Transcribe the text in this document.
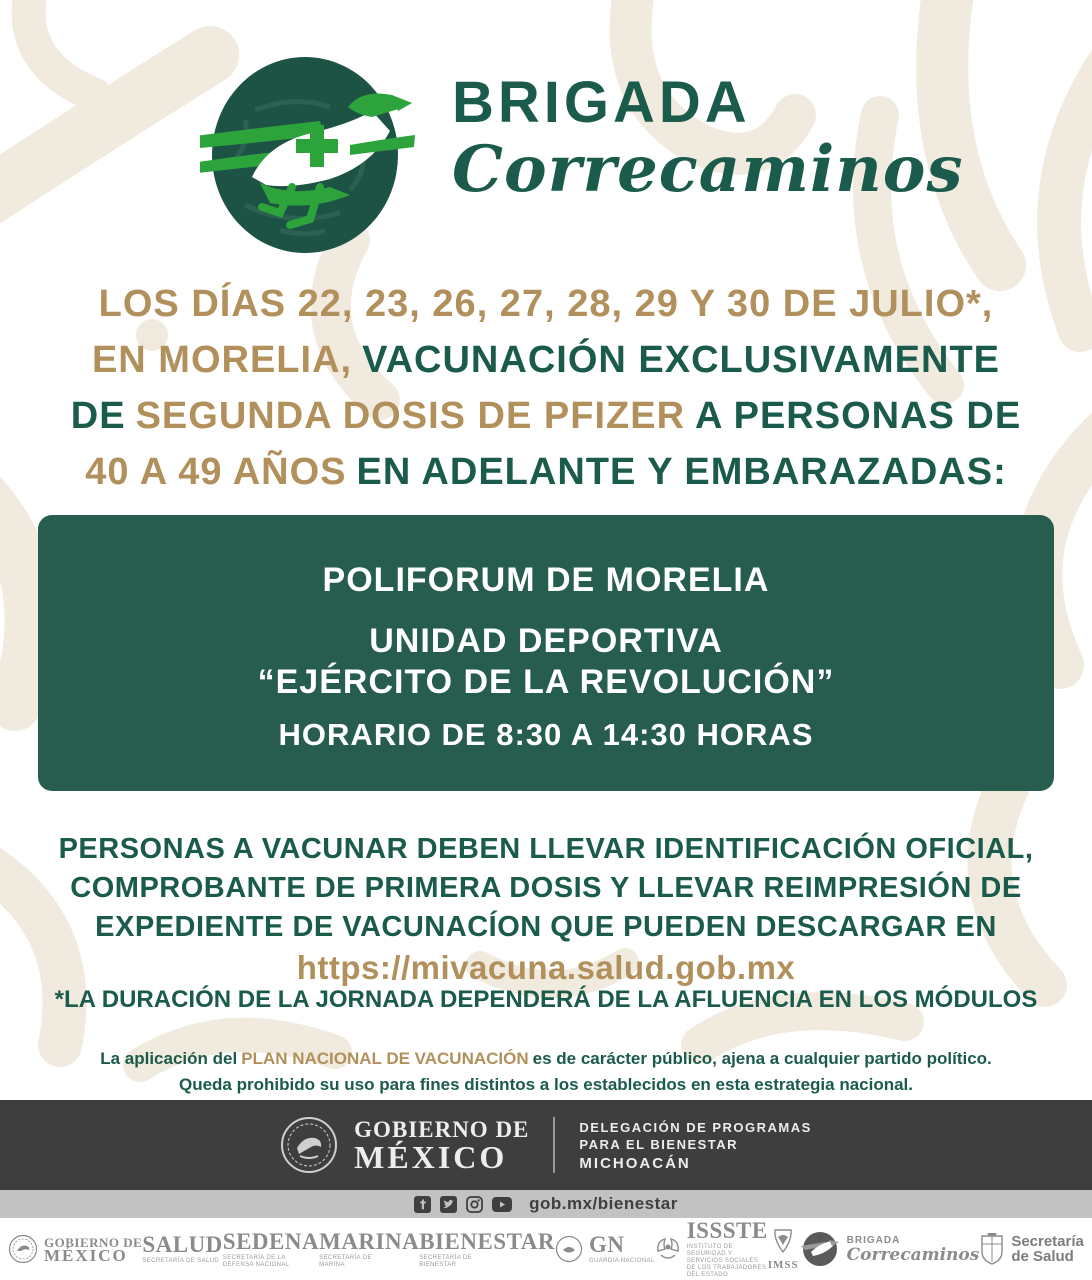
BRIGADA
Correcaminos
LOS DÍAS 22, 23, 26, 27, 28, 29 Y 30 DE JULIO*,
EN MORELIA, VACUNACIÓN EXCLUSIVAMENTE
DE SEGUNDA DOSIS DE PFIZER A PERSONAS DE
40 A 49 AÑOS EN ADELANTE Y EMBARAZADAS:
POLIFORUM DE MORELIA
UNIDAD DEPORTIVA
“EJÉRCITO DE LA REVOLUCIÓN”
HORARIO DE 8:30 A 14:30 HORAS
PERSONAS A VACUNAR DEBEN LLEVAR IDENTIFICACIÓN OFICIAL,
COMPROBANTE DE PRIMERA DOSIS Y LLEVAR REIMPRESIÓN DE
EXPEDIENTE DE VACUNACÍON QUE PUEDEN DESCARGAR EN
https://mivacuna.salud.gob.mx
*LA DURACIÓN DE LA JORNADA DEPENDERÁ DE LA AFLUENCIA EN LOS MÓDULOS
La aplicación del PLAN NACIONAL DE VACUNACIÓN es de carácter público, ajena a cualquier partido político.
Queda prohibido su uso para fines distintos a los establecidos en esta estrategia nacional.
GOBIERNO DE
MÉXICO
DELEGACIÓN DE PROGRAMAS
PARA EL BIENESTAR
MICHOACÁN
gob.mx/bienestar
GOBIERNO DE
MÉXICO SALUD
SECRETARÍA DE SALUD
SEDENA
SECRETARÍA DE LA DEFENSA NACIONAL
MARINA
SECRETARÍA DE MARINA
BIENESTAR
SECRETARÍA DE BIENESTAR
GN
GUARDIA NACIONAL
ISSSTE
INSTITUTO DE SEGURIDAD Y SERVICIOS SOCIALES DE LOS TRABAJADORES DEL ESTADO
IMSS
BRIGADA
Correcaminos
Secretaría
de Salud
